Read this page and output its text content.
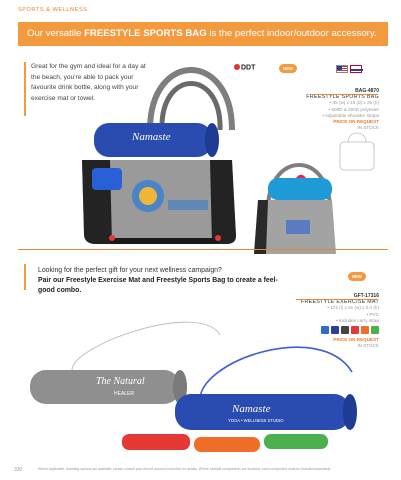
SPORTS & WELLNESS
Our versatile FREESTYLE SPORTS BAG is the perfect indoor/outdoor accessory.
Great for the gym and ideal for a day at the beach, you're able to pack your favourite drink bottle, along with your exercise mat or towel.
DDT	NEW
BAG-4870
FREESTYLE SPORTS BAG
• 45 (w) x 16 (d) x 25 (h)
• 600D & 600D polyester
• Adjustable shoulder straps
PRICE ON REQUEST
IN STOCK
Namaste
The Natural
HEALER
Namaste
YOGA • WELLNESS STUDIO
Looking for the perfect gift for your next wellness campaign?
Pair our Freestyle Exercise Mat and Freestyle Sports Bag to create a feel-good combo.
NEW
GFT-17316
FREESTYLE EXERCISE MAT
• 172 (l) x 61 (w) x 0.4 (h)
• PVC
• Includes carry strap
PRICE ON REQUEST
IN STOCK
330	Where applicable, branding options are available; please consult your Amrod account executive for details. Where multiple components are included, each component must be branded separately.
